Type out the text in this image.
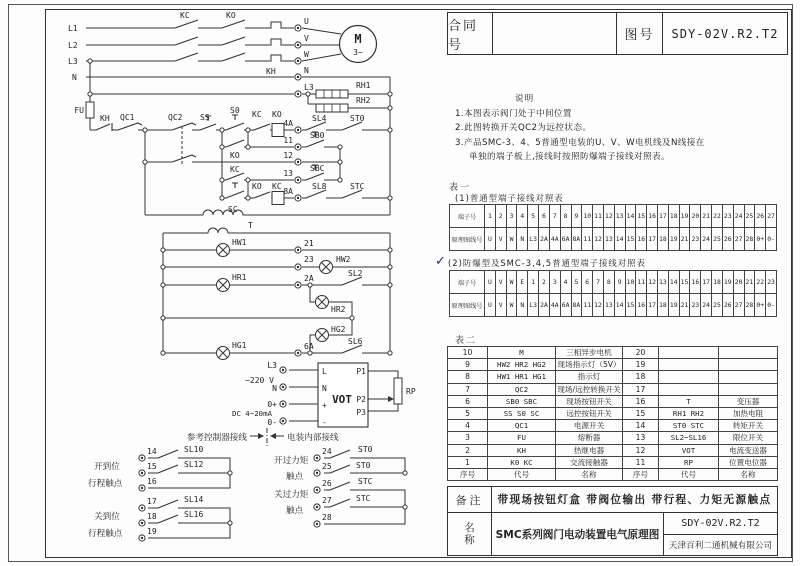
L1
L2
L3
N
KC	KO
KH
U
V
W
N
L3
M
3~
RH1
RH2
FU
KH QC1	QC2 SS
S0 KC KO
4A
SL4	ST0
KO
11
SB0
12
KC	13
SBC
SC
KO KC
8A
SL8	STC
T
HW1	21
23	HW2
HR1	2A
SL2
HR2
HG2
HG1	6A
SL6
L3
~220 V
N
0+
DC 4~20mA
0-
L
N
+
-
VOT
P1
P2
P3
RP
参考控制器接线	电装内部接线
开到位
行程触点
关到位
行程触点
开过力矩
触点
关过力矩
触点
14
15
16
SL10
SL12
17
18
19
SL14
SL16
24
25
ST0
ST0
26
27
28
STC
STC
合同号
图号	SDY-02V.R2.T2
说明
1.本图表示阀门处于中间位置
2.此图转换开关QC2为远控状态。
3.产品SMC-3、4、5普通型电装的U、V、W电机线及N线接在
单独的端子板上,接线时按照防爆端子接线对照表。
表一
(1)普通型端子接线对照表
端子号	1	2	3	4	5	6	7	8	9	10	11	12	13	14	15	16	17	18	19	20	21	22	23	24	25	26	27
原理图线号	U	V	W	N	L3	2A	4A	6A	8A	11	12	13	14	15	16	17	18	19	21	23	24	25	26	27	28	0+	0-
✓ (2)防爆型及SMC-3,4,5普通型端子接线对照表
端子号	U	V	W	E	1	2	3	4	5	6	7	8	9	10	11	12	13	14	15	16	17	18	19	20	21	22	23
原理图线号	U	V	W	N	L3	2A	4A	6A	8A	11	12	13	14	15	16	17	18	19	21	23	24	25	26	27	28	0+	0-
表二
10	M	三相异步电机	20		
9	HW2 HR2 HG2	现场指示灯（5V）	19		
8	HW1 HR1 HG1	指示灯	18		
7	QC2	现场/远控转换开关	17		
6	SB0 SBC	现场按钮开关	16	T	变压器
5	SS S0 SC	远控按钮开关	15	RH1 RH2	加热电阻
4	QC1	电源开关	14	ST0 STC	转矩开关
3	FU	熔断器	13	SL2~SL16	限位开关
2	KH	热继电器	12	VOT	电流变送器
1	K0 KC	交流接触器	11	RP	位置电位器
序号	代号	名称	序号	代号	名称
备注	带现场按钮灯盒 带阀位输出 带行程、力矩无源触点
名称	SMC系列阀门电动装置电气原理图
SDY-02V.R2.T2
天津百利二通机械有限公司
